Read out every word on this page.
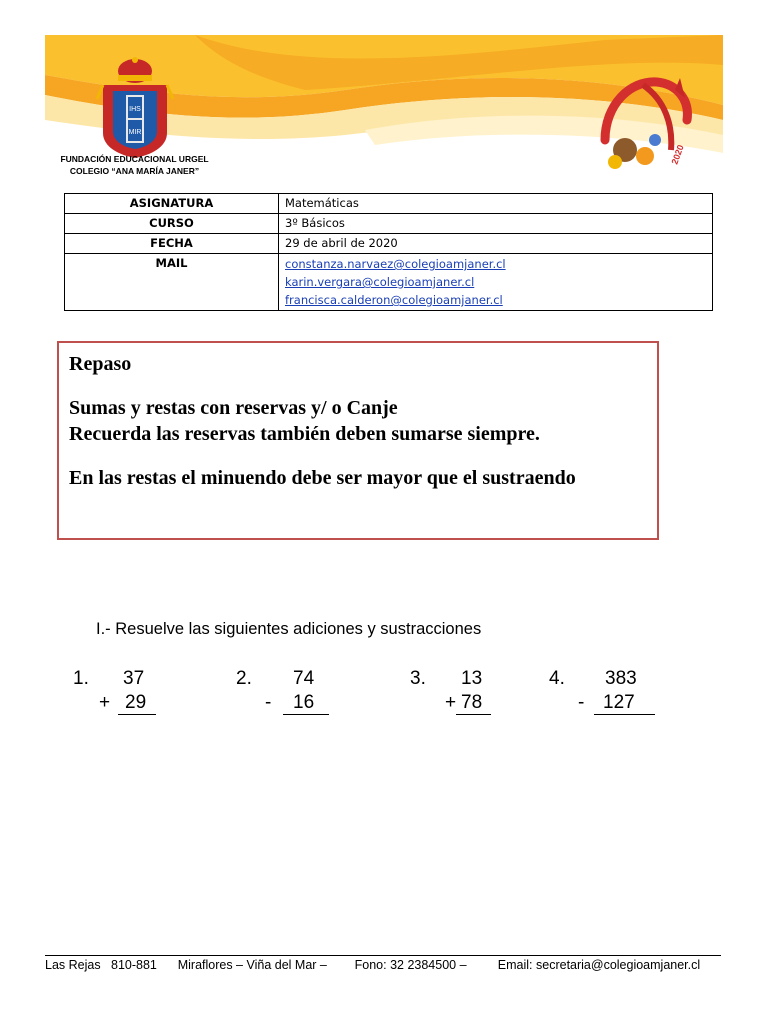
IHS
MIR
2020
FUNDACIÓN EDUCACIONAL URGEL
COLEGIO “ANA MARÍA JANER”
ASIGNATURA	Matemáticas
CURSO	3º Básicos
FECHA	29 de abril de 2020
MAIL	constanza.narvaez@colegioamjaner.cl
karin.vergara@colegioamjaner.cl
francisca.calderon@colegioamjaner.cl

Repaso

Sumas y restas con reservas y/ o Canje

Recuerda las reservas también deben sumarse siempre.

En las restas el minuendo debe ser mayor que el sustraendo

I.- Resuelve las siguientes adiciones y sustracciones
1. 37
+ 29
2. 74
- 16
3. 13
+ 78
4. 383
- 127
Las Rejas   810-881      Miraflores – Viña del Mar –        Fono: 32 2384500 –         Email: secretaria@colegioamjaner.cl
